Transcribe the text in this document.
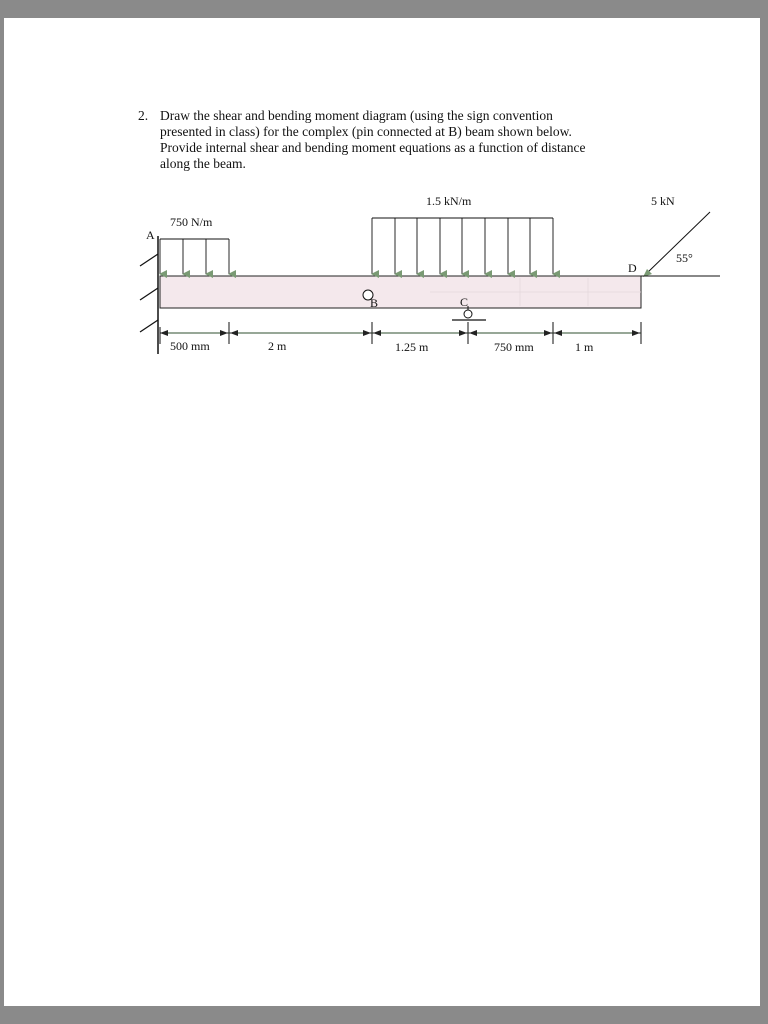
2. Draw the shear and bending moment diagram (using the sign convention
presented in class) for the complex (pin connected at B) beam shown below.
Provide internal shear and bending moment equations as a function of distance
along the beam.
A
750 N/m
1.5 kN/m	5 kN
55°
D
B	C
500 mm	2 m	1.25 m	750 mm	1 m
